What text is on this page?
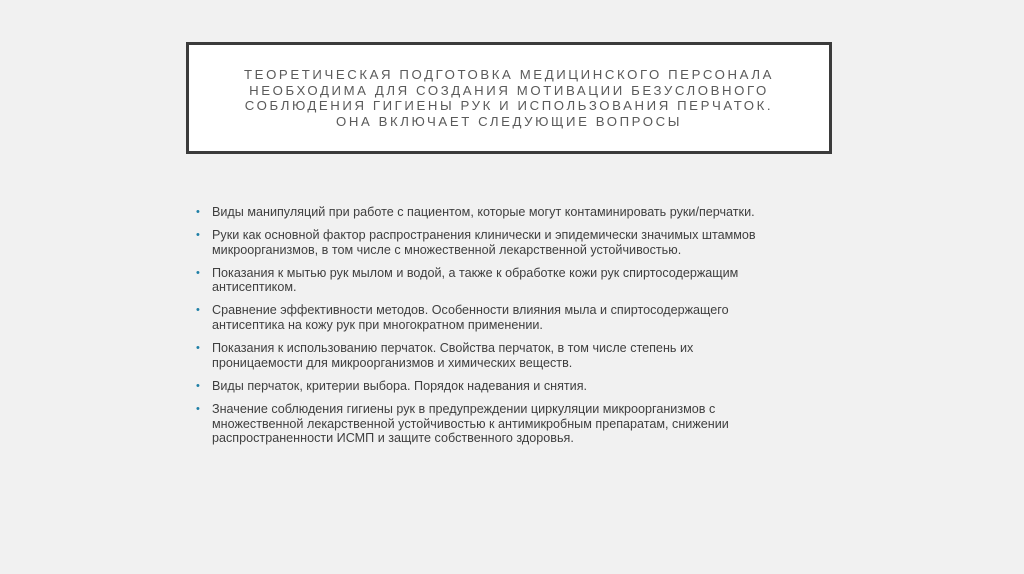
ТЕОРЕТИЧЕСКАЯ ПОДГОТОВКА МЕДИЦИНСКОГО ПЕРСОНАЛА
НЕОБХОДИМА ДЛЯ СОЗДАНИЯ МОТИВАЦИИ БЕЗУСЛОВНОГО
СОБЛЮДЕНИЯ ГИГИЕНЫ РУК И ИСПОЛЬЗОВАНИЯ ПЕРЧАТОК.
ОНА ВКЛЮЧАЕТ СЛЕДУЮЩИЕ ВОПРОСЫ
• Виды манипуляций при работе с пациентом, которые могут контаминировать руки/перчатки.
• Руки как основной фактор распространения клинически и эпидемически значимых штаммов
микроорганизмов, в том числе с множественной лекарственной устойчивостью.
• Показания к мытью рук мылом и водой, а также к обработке кожи рук спиртосодержащим
антисептиком.
• Сравнение эффективности методов. Особенности влияния мыла и спиртосодержащего
антисептика на кожу рук при многократном применении.
• Показания к использованию перчаток. Свойства перчаток, в том числе степень их
проницаемости для микроорганизмов и химических веществ.
• Виды перчаток, критерии выбора. Порядок надевания и снятия.
• Значение соблюдения гигиены рук в предупреждении циркуляции микроорганизмов с
множественной лекарственной устойчивостью к антимикробным препаратам, снижении
распространенности ИСМП и защите собственного здоровья.
